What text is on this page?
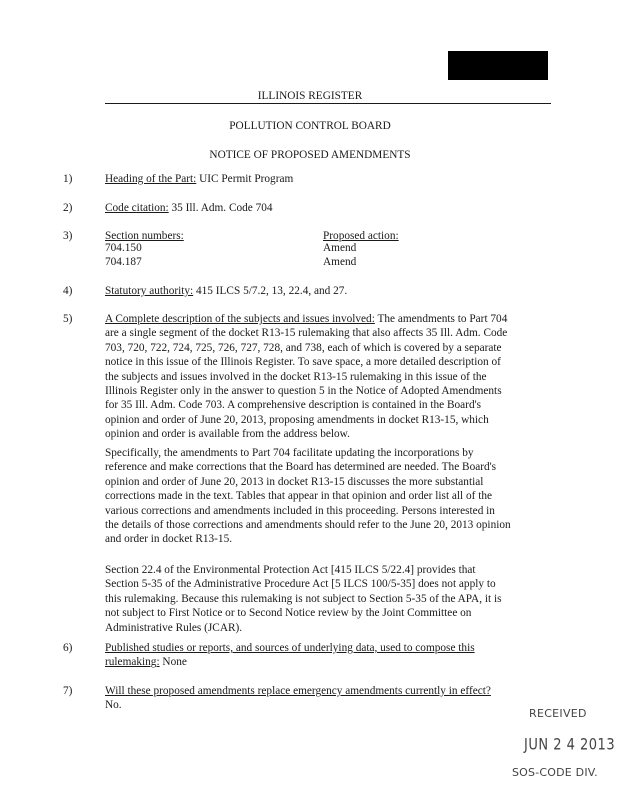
ILLINOIS REGISTER
POLLUTION CONTROL BOARD
NOTICE OF PROPOSED AMENDMENTS
1)	Heading of the Part: UIC Permit Program
2)	Code citation: 35 Ill. Adm. Code 704
3)	Section numbers:	Proposed action:
704.150	Amend
704.187	Amend
4)	Statutory authority: 415 ILCS 5/7.2, 13, 22.4, and 27.
5)	A Complete description of the subjects and issues involved: The amendments to Part 704
are a single segment of the docket R13-15 rulemaking that also affects 35 Ill. Adm. Code
703, 720, 722, 724, 725, 726, 727, 728, and 738, each of which is covered by a separate
notice in this issue of the Illinois Register. To save space, a more detailed description of
the subjects and issues involved in the docket R13-15 rulemaking in this issue of the
Illinois Register only in the answer to question 5 in the Notice of Adopted Amendments
for 35 Ill. Adm. Code 703. A comprehensive description is contained in the Board's
opinion and order of June 20, 2013, proposing amendments in docket R13-15, which
opinion and order is available from the address below.
Specifically, the amendments to Part 704 facilitate updating the incorporations by
reference and make corrections that the Board has determined are needed. The Board's
opinion and order of June 20, 2013 in docket R13-15 discusses the more substantial
corrections made in the text. Tables that appear in that opinion and order list all of the
various corrections and amendments included in this proceeding. Persons interested in
the details of those corrections and amendments should refer to the June 20, 2013 opinion
and order in docket R13-15.
Section 22.4 of the Environmental Protection Act [415 ILCS 5/22.4] provides that
Section 5-35 of the Administrative Procedure Act [5 ILCS 100/5-35] does not apply to
this rulemaking. Because this rulemaking is not subject to Section 5-35 of the APA, it is
not subject to First Notice or to Second Notice review by the Joint Committee on
Administrative Rules (JCAR).
6)	Published studies or reports, and sources of underlying data, used to compose this
rulemaking: None
7)	Will these proposed amendments replace emergency amendments currently in effect?
No.
RECEIVED
JUN 2 4 2013
SOS-CODE DIV.
